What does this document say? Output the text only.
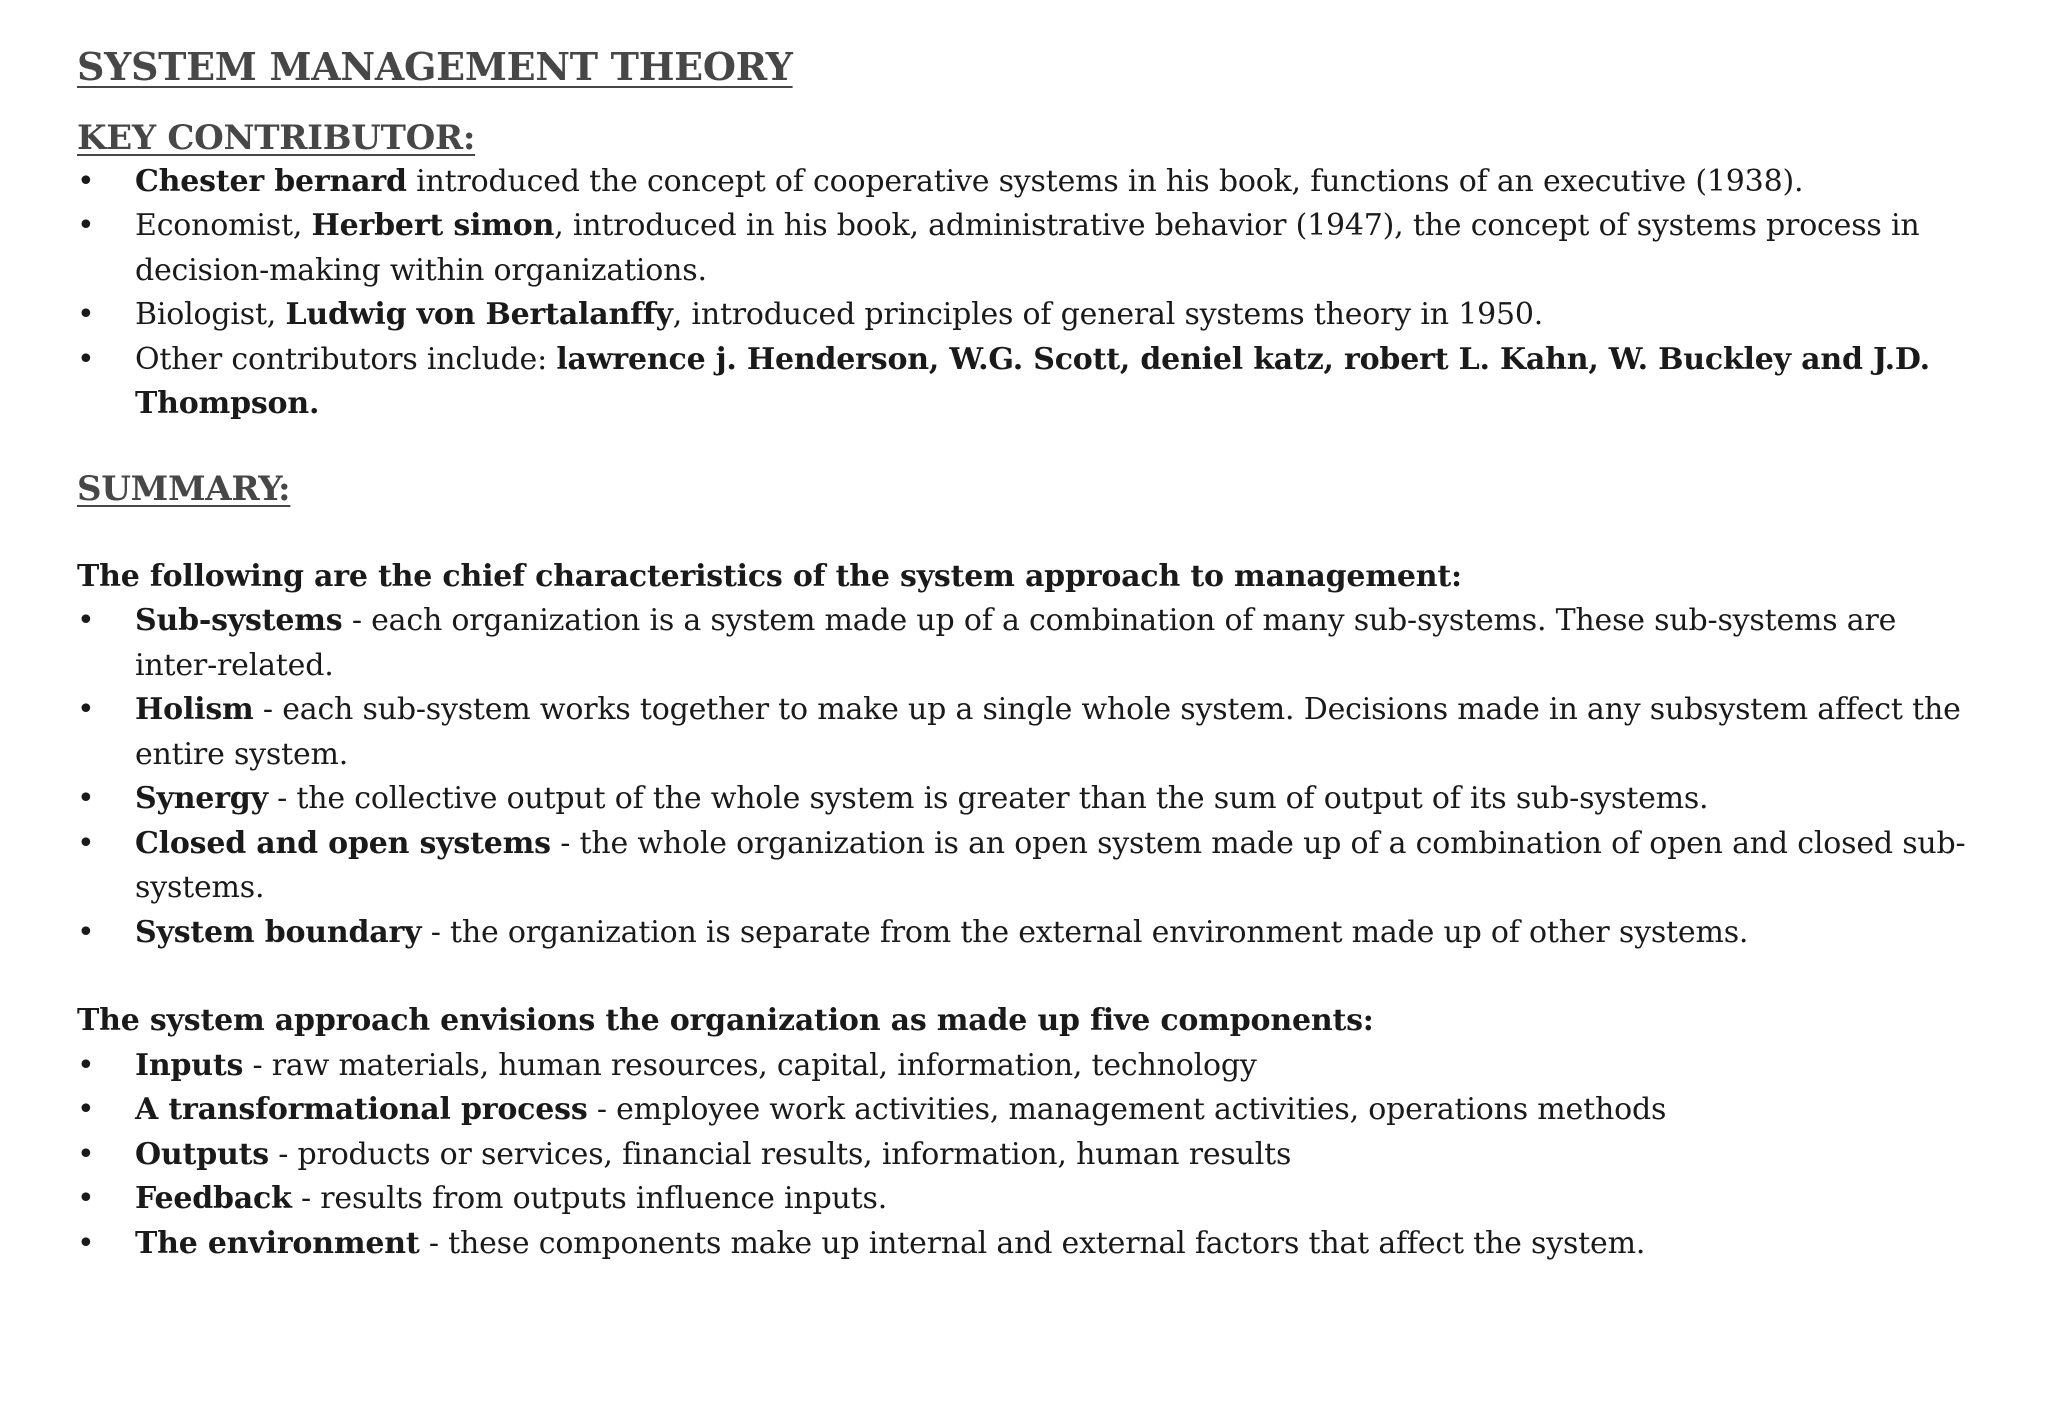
SYSTEM MANAGEMENT THEORY
KEY CONTRIBUTOR:
• Chester bernard introduced the concept of cooperative systems in his book, functions of an executive (1938).
• Economist, Herbert simon, introduced in his book, administrative behavior (1947), the concept of systems process in decision-making within organizations.
• Biologist, Ludwig von Bertalanffy, introduced principles of general systems theory in 1950.
• Other contributors include: lawrence j. Henderson, W.G. Scott, deniel katz, robert L. Kahn, W. Buckley and J.D. Thompson.
SUMMARY:

The following are the chief characteristics of the system approach to management:

• Sub-systems - each organization is a system made up of a combination of many sub-systems. These sub-systems are inter-related.
• Holism - each sub-system works together to make up a single whole system. Decisions made in any subsystem affect the entire system.
• Synergy - the collective output of the whole system is greater than the sum of output of its sub-systems.
• Closed and open systems - the whole organization is an open system made up of a combination of open and closed sub-systems.
• System boundary - the organization is separate from the external environment made up of other systems.

The system approach envisions the organization as made up five components:

• Inputs - raw materials, human resources, capital, information, technology
• A transformational process - employee work activities, management activities, operations methods
• Outputs - products or services, financial results, information, human results
• Feedback - results from outputs influence inputs.
• The environment - these components make up internal and external factors that affect the system.
